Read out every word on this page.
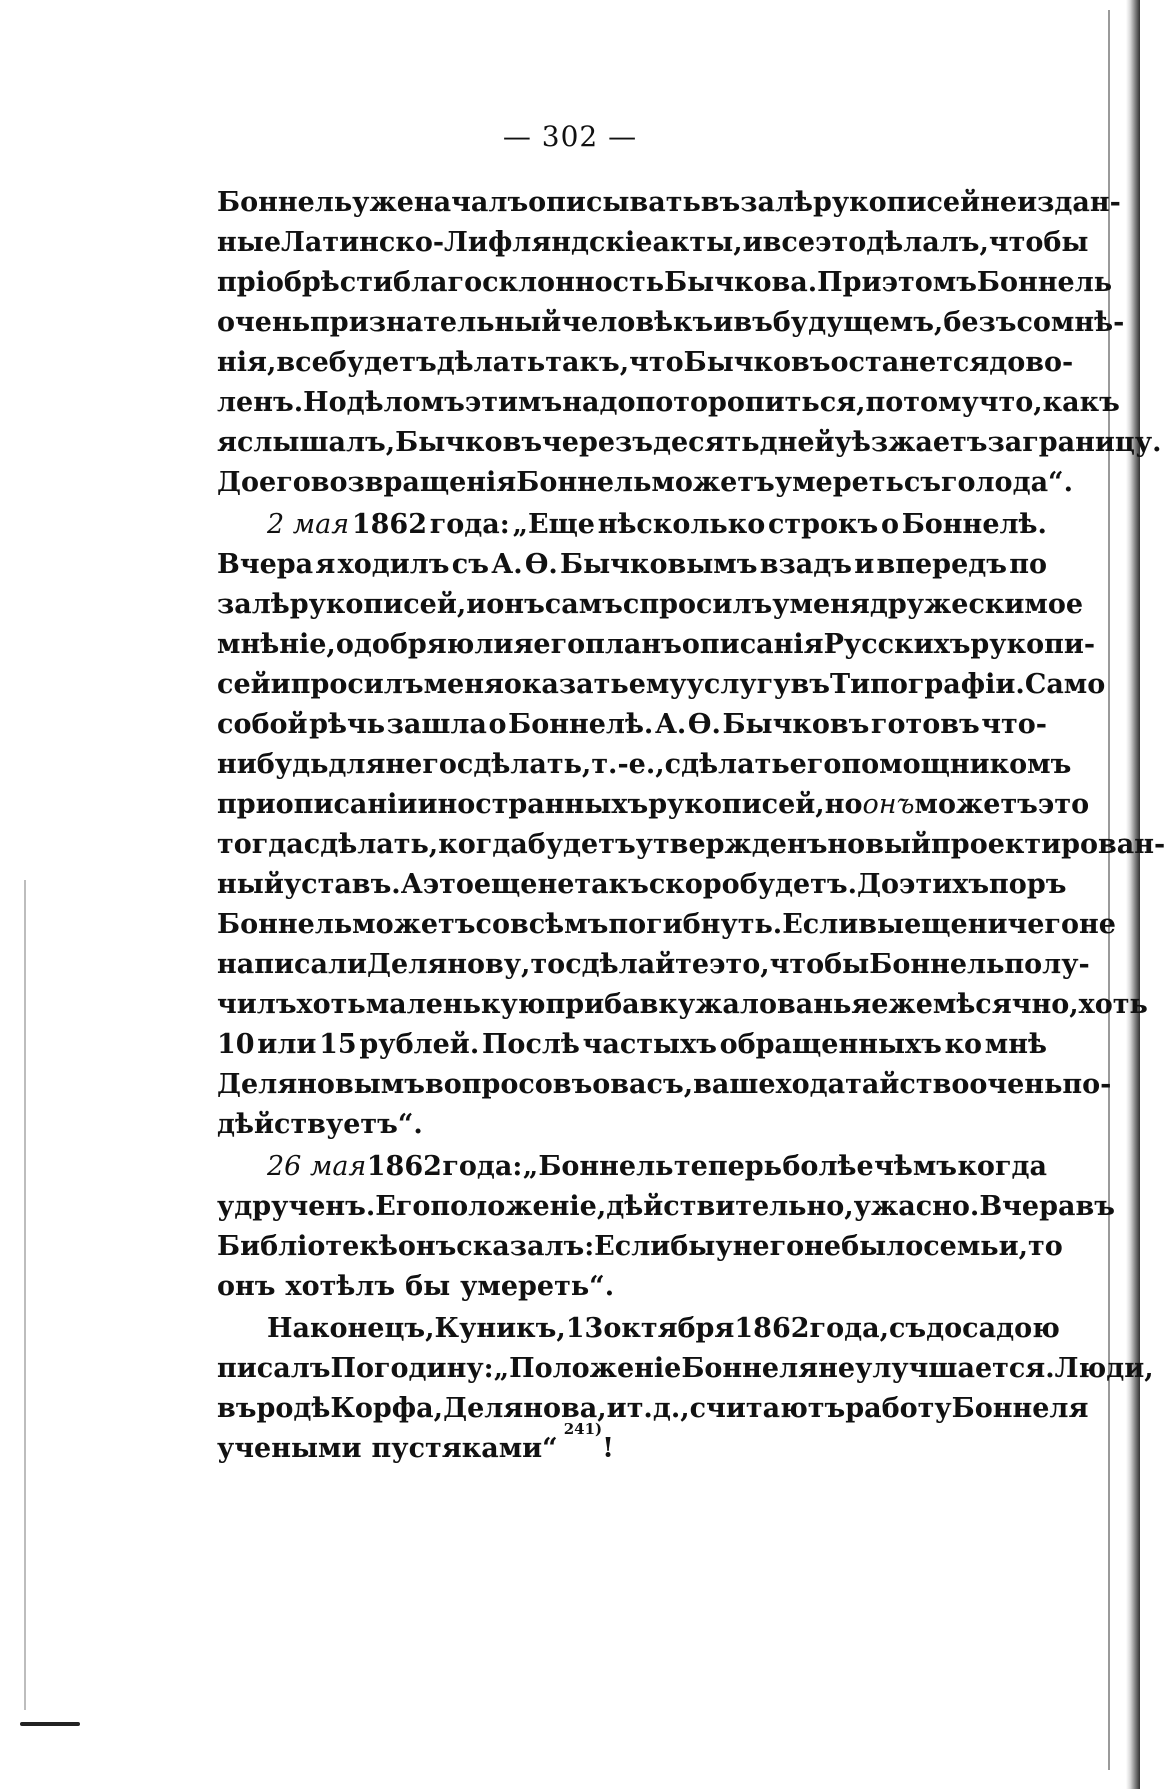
— 302 —
Боннель уже началъ описывать въ залѣ рукописей неиздан-
ные Латинско-Лифляндскіе акты, и все это дѣлалъ, чтобы
пріобрѣсти благосклонность Бычкова. При этомъ Боннель
очень признательный человѣкъ и въ будущемъ, безъ сомнѣ-
нія, все будетъ дѣлать такъ, что Бычковъ останется дово-
ленъ. Но дѣломъ этимъ надо поторопиться, потому что, какъ
я слышалъ, Бычковъ черезъ десять дней уѣзжаетъ за границу.
До его возвращенія Боннель можетъ умереть съ голода“.
2 мая 1862 года: „Еще нѣсколько строкъ о Боннелѣ.
Вчера я ходилъ съ А. Ѳ. Бычковымъ взадъ и впередъ по
залѣ рукописей, и онъ самъ спросилъ у меня дружески мое
мнѣніе, одобряю ли я его планъ описанія Русскихъ рукопи-
сей и просилъ меня оказать ему услугу въ Типографіи. Само
собой рѣчь зашла о Боннелѣ. А. Ѳ. Бычковъ готовъ что-
нибудь для него сдѣлать, т.-е., сдѣлать его помощникомъ
при описаніи иностранныхъ рукописей, но онъ можетъ это
тогда сдѣлать, когда будетъ утвержденъ новый проектирован-
ный уставъ. А это еще не такъ скоро будетъ. До этихъ поръ
Боннель можетъ совсѣмъ погибнуть. Если вы еще ничего не
написали Делянову, то сдѣлайте это, чтобы Боннель полу-
чилъ хоть маленькую прибавку жалованья ежемѣсячно, хоть
10 или 15 рублей. Послѣ частыхъ обращенныхъ ко мнѣ
Деляновымъ вопросовъ о васъ, ваше ходатайство очень по-
дѣйствуетъ“.
26 мая 1862 года: „Боннель теперь болѣе чѣмъ когда
удрученъ. Его положеніе, дѣйствительно, ужасно. Вчера въ
Библіотекѣ онъ сказалъ: Если бы у него не было семьи, то
онъ хотѣлъ бы умереть“.
Наконецъ, Куникъ, 13 октября 1862 года, съ досадою
писалъ Погодину: „Положеніе Боннеля не улучшается. Люди,
въ родѣ Корфа, Делянова, и т. д., считаютъ работу Боннеля
учеными пустяками“
241)
!
